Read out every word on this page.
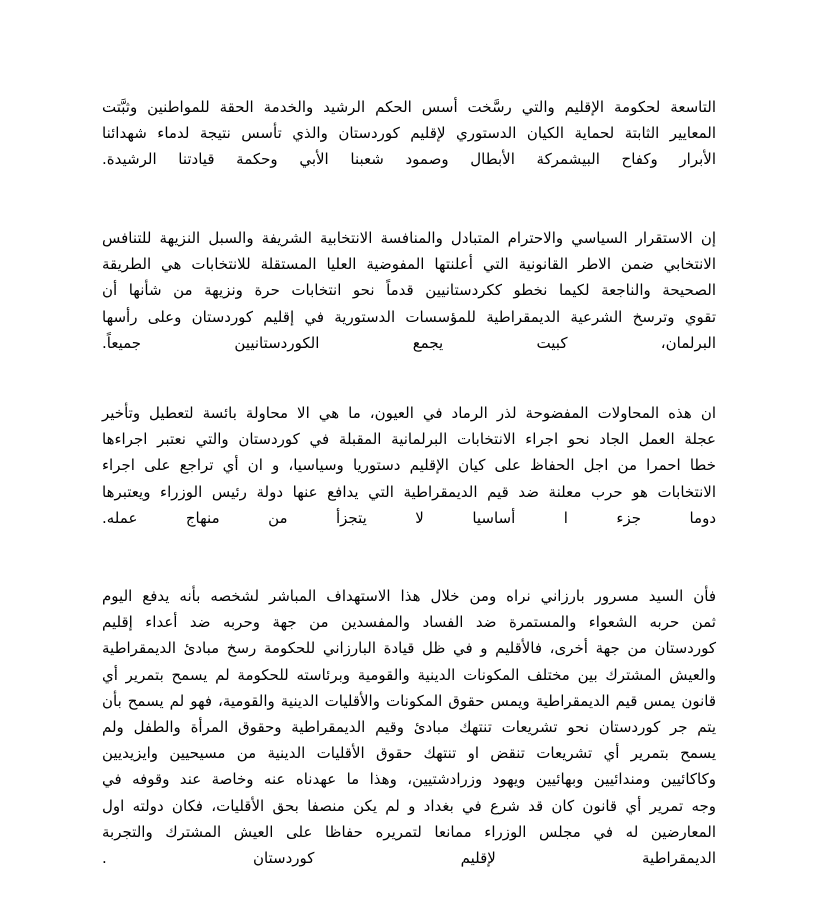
التاسعة لحكومة الإقليم والتي رسَّخت أسس الحكم الرشيد والخدمة الحقة للمواطنين وثبَّتت
المعايير الثابتة لحماية الكيان الدستوري لإقليم كوردستان والذي تأسس نتيجة لدماء شهدائنا
الأبرار وكفاح البيشمركة الأبطال وصمود شعبنا الأبي وحكمة قيادتنا الرشيدة.
إن الاستقرار السياسي والاحترام المتبادل والمنافسة الانتخابية الشريفة والسبل النزيهة للتنافس
الانتخابي ضمن الاطر القانونية التي أعلنتها المفوضية العليا المستقلة للانتخابات هي الطريقة
الصحيحة والناجعة لكيما نخطو ككردستانيين قدماً نحو انتخابات حرة ونزيهة من شأنها أن
تقوي وترسخ الشرعية الديمقراطية للمؤسسات الدستورية في إقليم كوردستان وعلى رأسها
البرلمان، كبيت يجمع الكوردستانيين جميعاً.
ان هذه المحاولات المفضوحة لذر الرماد في العيون، ما هي الا محاولة بائسة لتعطيل وتأخير
عجلة العمل الجاد نحو اجراء الانتخابات البرلمانية المقبلة في كوردستان والتي نعتبر اجراءها
خطا احمرا من اجل الحفاظ على كيان الإقليم دستوريا وسياسيا، و ان أي تراجع على اجراء
الانتخابات هو حرب معلنة ضد قيم الديمقراطية التي يدافع عنها دولة رئيس الوزراء ويعتبرها
دوما جزء ا أساسيا لا يتجزأ من منهاج عمله.
فأن السيد مسرور بارزاني نراه ومن خلال هذا الاستهداف المباشر لشخصه بأنه يدفع اليوم
ثمن حربه الشعواء والمستمرة ضد الفساد والمفسدين من جهة وحربه ضد أعداء إقليم
كوردستان من جهة أخرى، فالأقليم و في ظل قيادة البارزاني للحكومة رسخ مبادئ الديمقراطية
والعيش المشترك بين مختلف المكونات الدينية والقومية وبرئاسته للحكومة لم يسمح بتمرير أي
قانون يمس قيم الديمقراطية ويمس حقوق المكونات والأقليات الدينية والقومية، فهو لم يسمح بأن
يتم جر كوردستان نحو تشريعات تنتهك مبادئ وقيم الديمقراطية وحقوق المرأة والطفل ولم
يسمح بتمرير أي تشريعات تنقض او تنتهك حقوق الأقليات الدينية من مسيحيين وايزيديين
وكاكائيين ومندائيين وبهائيين ويهود وزرادشتيين، وهذا ما عهدناه عنه وخاصة عند وقوفه في
وجه تمرير أي قانون كان قد شرع في بغداد و لم يكن منصفا بحق الأقليات، فكان دولته اول
المعارضين له في مجلس الوزراء ممانعا لتمريره حفاظا على العيش المشترك والتجربة
الديمقراطية لإقليم كوردستان .
